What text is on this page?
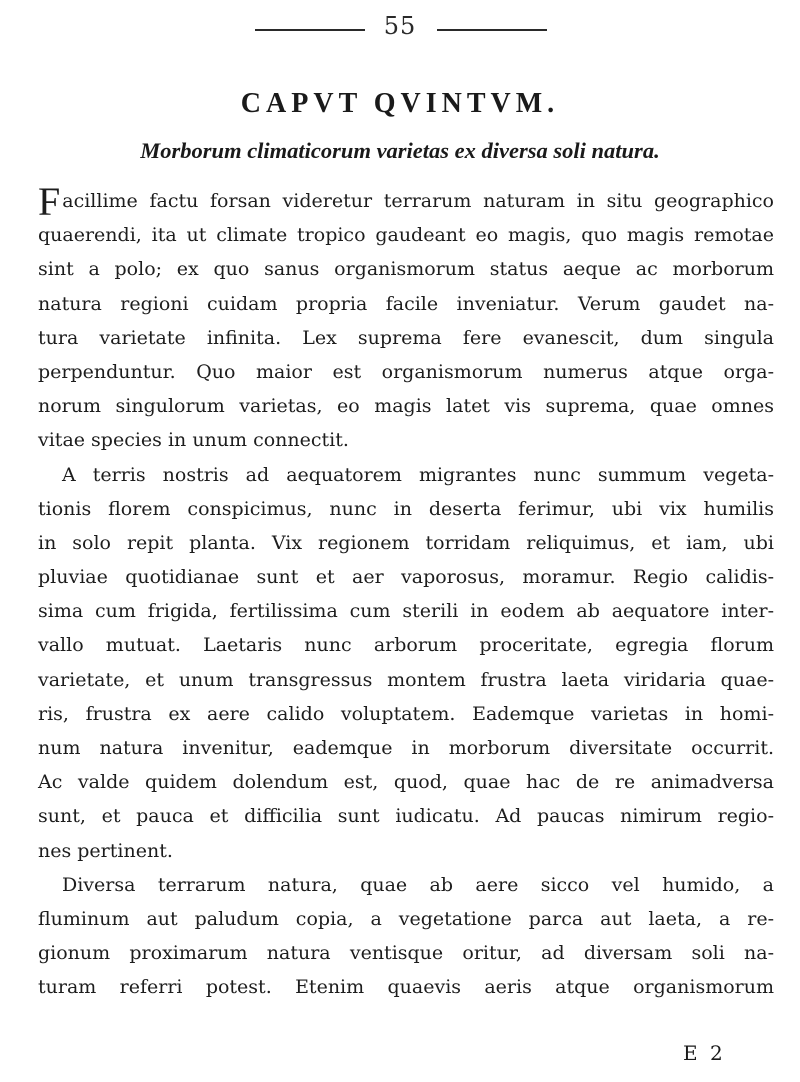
55
CAPVT QVINTVM.
Morborum climaticorum varietas ex diversa soli natura.
Facillime factu forsan videretur terrarum naturam in situ geographico
quaerendi, ita ut climate tropico gaudeant eo magis, quo magis remotae
sint a polo; ex quo sanus organismorum status aeque ac morborum
natura regioni cuidam propria facile inveniatur. Verum gaudet na-
tura varietate infinita. Lex suprema fere evanescit, dum singula
perpenduntur. Quo maior est organismorum numerus atque orga-
norum singulorum varietas, eo magis latet vis suprema, quae omnes
vitae species in unum connectit.
A terris nostris ad aequatorem migrantes nunc summum vegeta-
tionis florem conspicimus, nunc in deserta ferimur, ubi vix humilis
in solo repit planta. Vix regionem torridam reliquimus, et iam, ubi
pluviae quotidianae sunt et aer vaporosus, moramur. Regio calidis-
sima cum frigida, fertilissima cum sterili in eodem ab aequatore inter-
vallo mutuat. Laetaris nunc arborum proceritate, egregia florum
varietate, et unum transgressus montem frustra laeta viridaria quae-
ris, frustra ex aere calido voluptatem. Eademque varietas in homi-
num natura invenitur, eademque in morborum diversitate occurrit.
Ac valde quidem dolendum est, quod, quae hac de re animadversa
sunt, et pauca et difficilia sunt iudicatu. Ad paucas nimirum regio-
nes pertinent.
Diversa terrarum natura, quae ab aere sicco vel humido, a
fluminum aut paludum copia, a vegetatione parca aut laeta, a re-
gionum proximarum natura ventisque oritur, ad diversam soli na-
turam referri potest. Etenim quaevis aeris atque organismorum
E 2
